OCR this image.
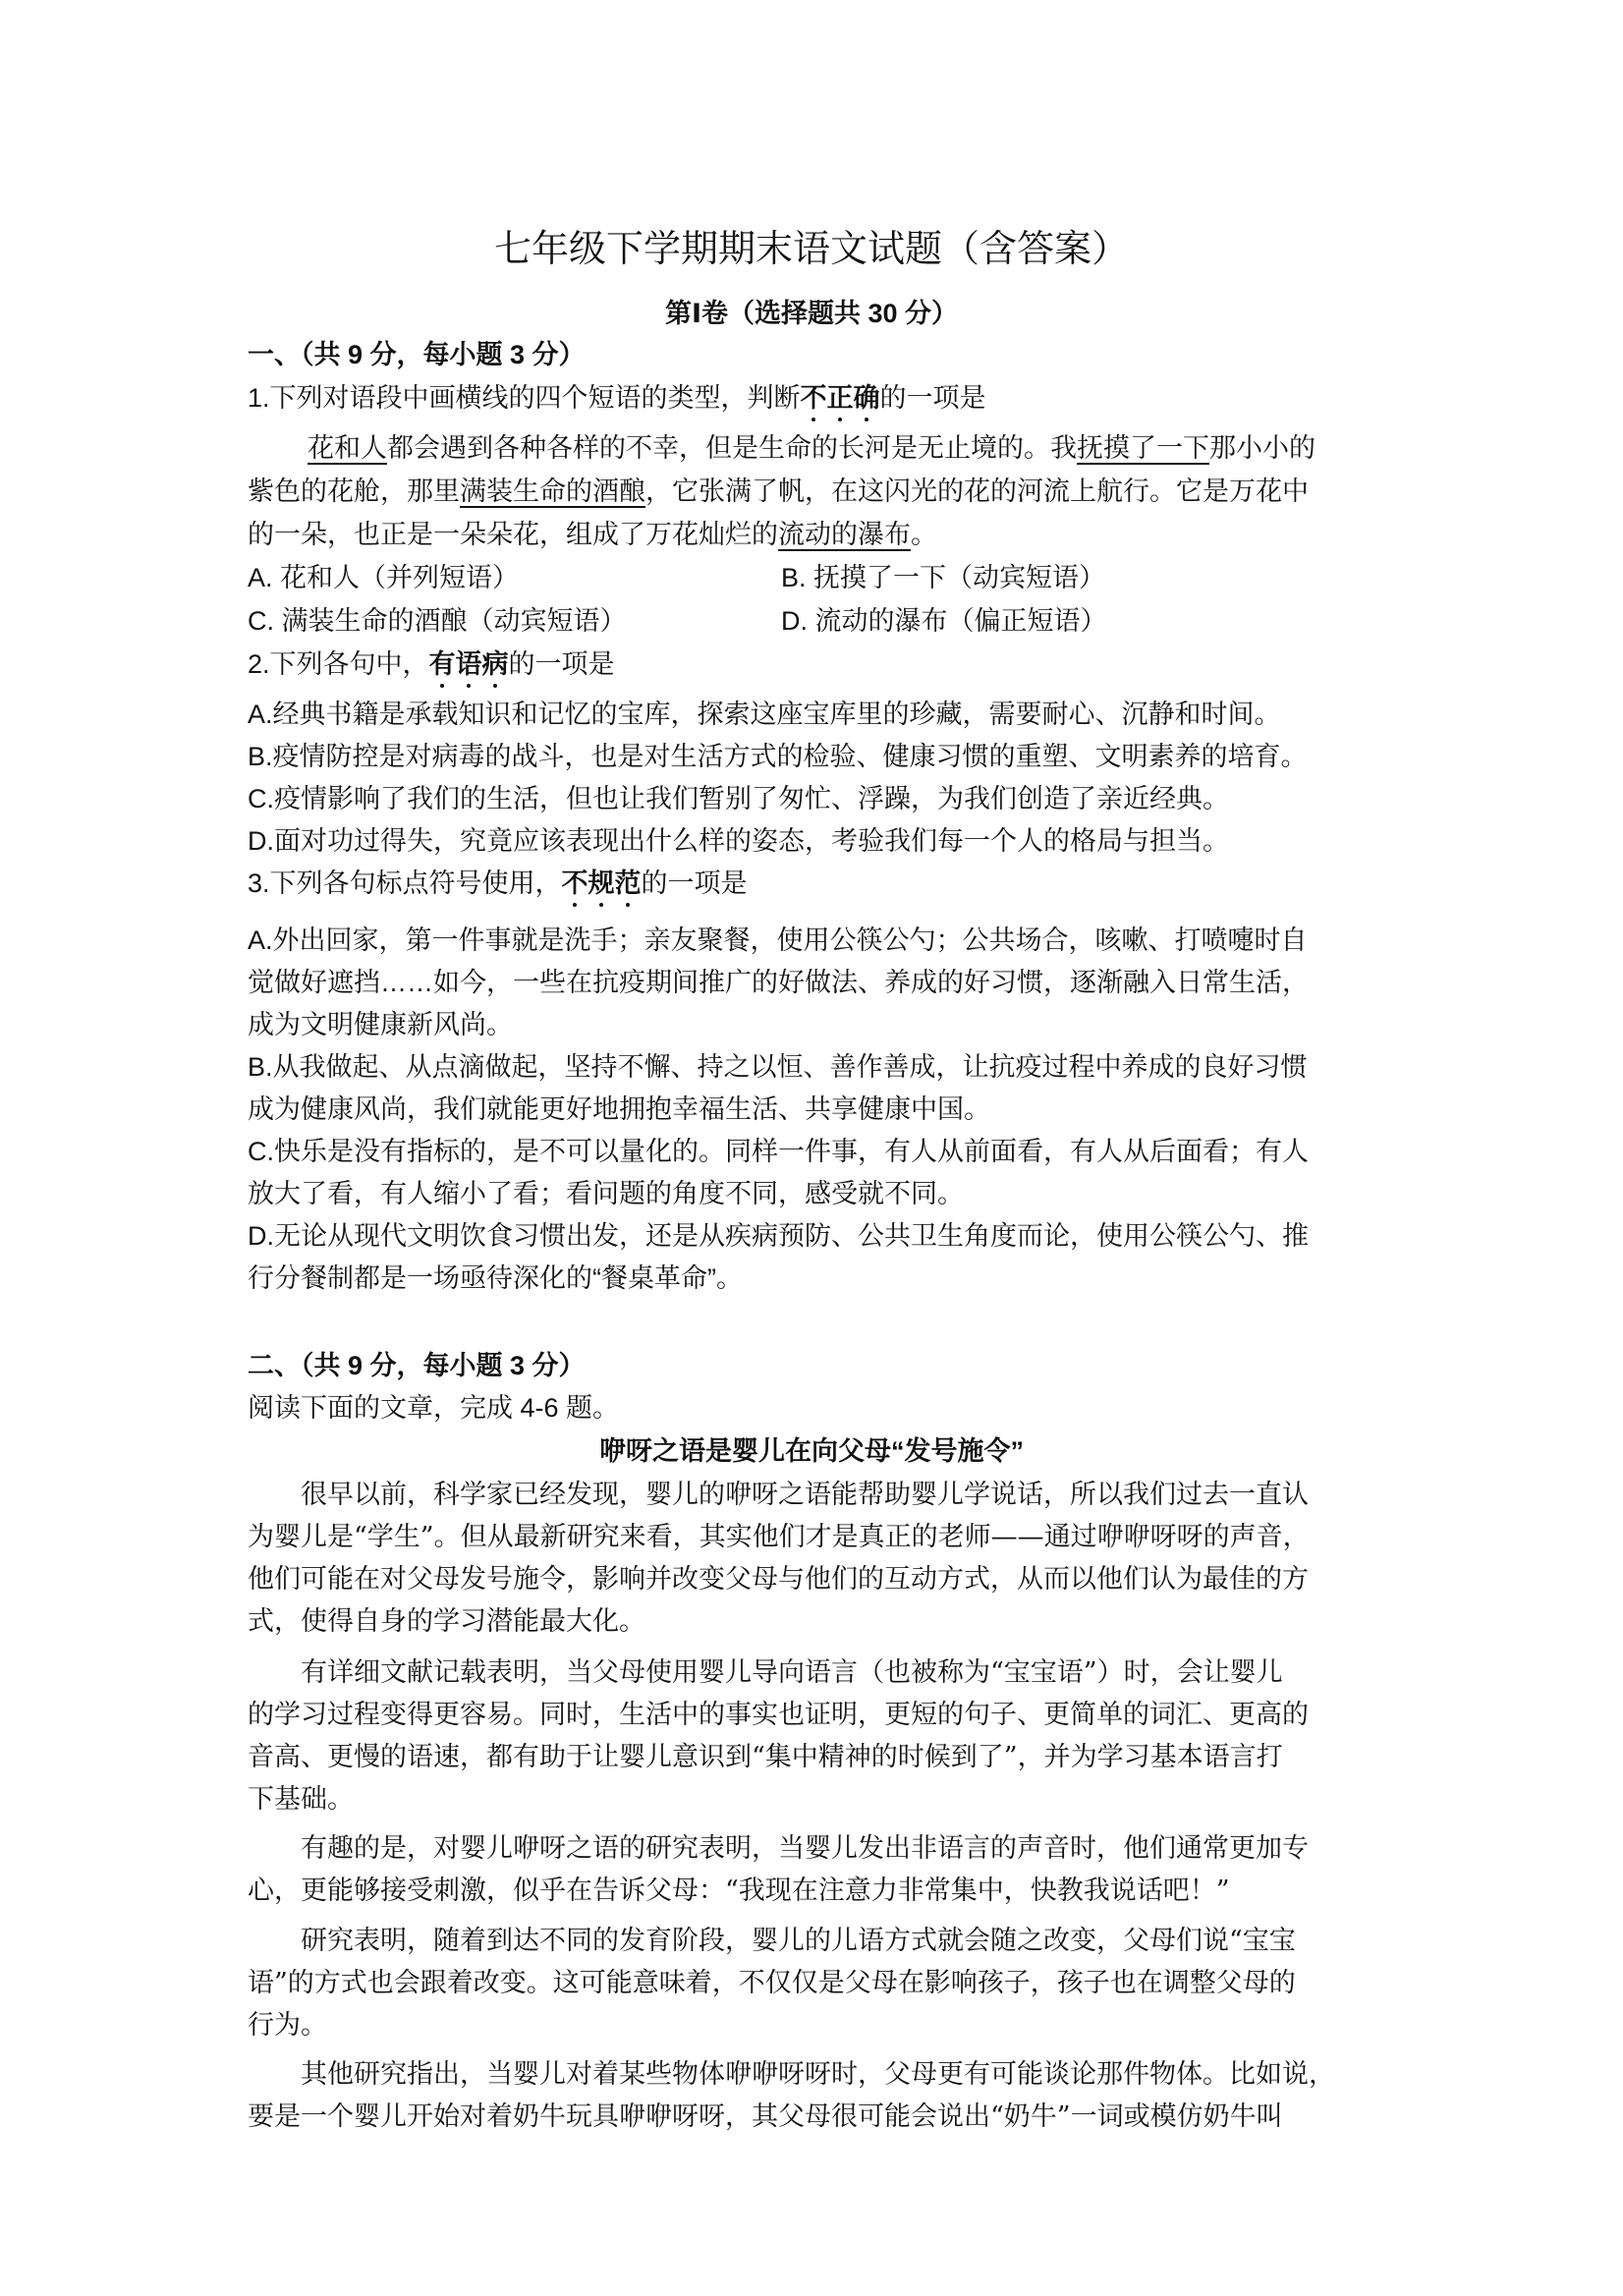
七年级下学期期末语文试题（含答案）
第Ⅰ卷（选择题共 30 分）
一、（共 9 分，每小题 3 分）
1.下列对语段中画横线的四个短语的类型，判断不正确的一项是
花和人都会遇到各种各样的不幸，但是生命的长河是无止境的。我抚摸了一下那小小的
紫色的花舱，那里满装生命的酒酿，它张满了帆，在这闪光的花的河流上航行。它是万花中
的一朵，也正是一朵朵花，组成了万花灿烂的流动的瀑布。
A. 花和人（并列短语）	B. 抚摸了一下（动宾短语）
C. 满装生命的酒酿（动宾短语）	D. 流动的瀑布（偏正短语）
2.下列各句中，有语病的一项是
A.经典书籍是承载知识和记忆的宝库，探索这座宝库里的珍藏，需要耐心、沉静和时间。
B.疫情防控是对病毒的战斗，也是对生活方式的检验、健康习惯的重塑、文明素养的培育。
C.疫情影响了我们的生活，但也让我们暂别了匆忙、浮躁，为我们创造了亲近经典。
D.面对功过得失，究竟应该表现出什么样的姿态，考验我们每一个人的格局与担当。
3.下列各句标点符号使用，不规范的一项是
A.外出回家，第一件事就是洗手；亲友聚餐，使用公筷公勺；公共场合，咳嗽、打喷嚏时自
觉做好遮挡……如今，一些在抗疫期间推广的好做法、养成的好习惯，逐渐融入日常生活，
成为文明健康新风尚。
B.从我做起、从点滴做起，坚持不懈、持之以恒、善作善成，让抗疫过程中养成的良好习惯
成为健康风尚，我们就能更好地拥抱幸福生活、共享健康中国。
C.快乐是没有指标的，是不可以量化的。同样一件事，有人从前面看，有人从后面看；有人
放大了看，有人缩小了看；看问题的角度不同，感受就不同。
D.无论从现代文明饮食习惯出发，还是从疾病预防、公共卫生角度而论，使用公筷公勺、推
行分餐制都是一场亟待深化的“餐桌革命”。
二、（共 9 分，每小题 3 分）
阅读下面的文章，完成 4-6 题。
咿呀之语是婴儿在向父母“发号施令”
　　很早以前，科学家已经发现，婴儿的咿呀之语能帮助婴儿学说话，所以我们过去一直认
为婴儿是“学生”。但从最新研究来看，其实他们才是真正的老师——通过咿咿呀呀的声音，
他们可能在对父母发号施令，影响并改变父母与他们的互动方式，从而以他们认为最佳的方
式，使得自身的学习潜能最大化。
　　有详细文献记载表明，当父母使用婴儿导向语言（也被称为“宝宝语”）时，会让婴儿
的学习过程变得更容易。同时，生活中的事实也证明，更短的句子、更简单的词汇、更高的
音高、更慢的语速，都有助于让婴儿意识到“集中精神的时候到了”，并为学习基本语言打
下基础。
　　有趣的是，对婴儿咿呀之语的研究表明，当婴儿发出非语言的声音时，他们通常更加专
心，更能够接受刺激，似乎在告诉父母：“我现在注意力非常集中，快教我说话吧！”
　　研究表明，随着到达不同的发育阶段，婴儿的儿语方式就会随之改变，父母们说“宝宝
语”的方式也会跟着改变。这可能意味着，不仅仅是父母在影响孩子，孩子也在调整父母的
行为。
　　其他研究指出，当婴儿对着某些物体咿咿呀呀时，父母更有可能谈论那件物体。比如说，
要是一个婴儿开始对着奶牛玩具咿咿呀呀，其父母很可能会说出“奶牛”一词或模仿奶牛叫
